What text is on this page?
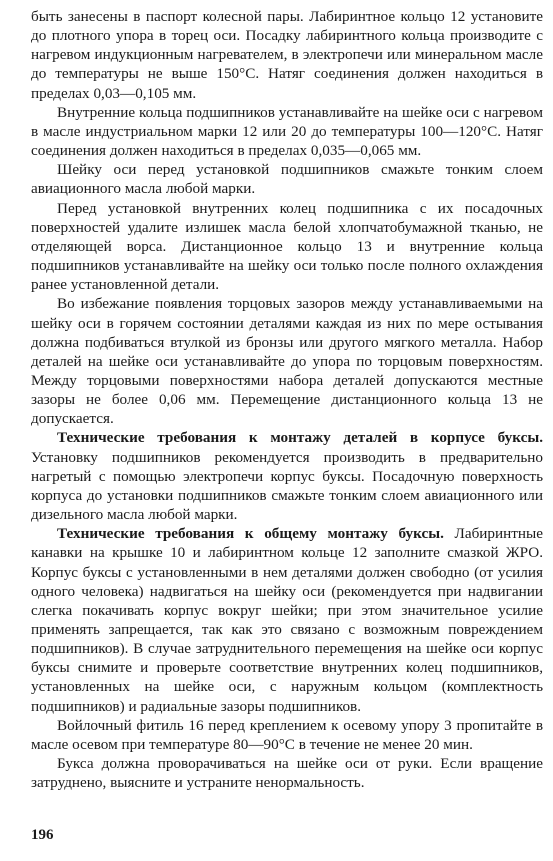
быть занесены в паспорт колесной пары. Лабиринтное кольцо 12 установите до плотного упора в торец оси. Посадку лабиринтного кольца производите с нагревом индукционным нагревателем, в электропечи или минеральном масле до температуры не выше 150°С. Натяг соединения должен находиться в пределах 0,03—0,105 мм.

Внутренние кольца подшипников устанавливайте на шейке оси с нагревом в масле индустриальном марки 12 или 20 до температуры 100—120°С. Натяг соединения должен находиться в пределах 0,035—0,065 мм.

Шейку оси перед установкой подшипников смажьте тонким слоем авиационного масла любой марки.

Перед установкой внутренних колец подшипника с их посадочных поверхностей удалите излишек масла белой хлопчатобумажной тканью, не отделяющей ворса. Дистанционное кольцо 13 и внутренние кольца подшипников устанавливайте на шейку оси только после полного охлаждения ранее установленной детали.

Во избежание появления торцовых зазоров между устанавливаемыми на шейку оси в горячем состоянии деталями каждая из них по мере остывания должна подбиваться втулкой из бронзы или другого мягкого металла. Набор деталей на шейке оси устанавливайте до упора по торцовым поверхностям. Между торцовыми поверхностями набора деталей допускаются местные зазоры не более 0,06 мм. Перемещение дистанционного кольца 13 не допускается.

Технические требования к монтажу деталей в корпусе буксы. Установку подшипников рекомендуется производить в предварительно нагретый с помощью электропечи корпус буксы. Посадочную поверхность корпуса до установки подшипников смажьте тонким слоем авиационного или дизельного масла любой марки.

Технические требования к общему монтажу буксы. Лабиринтные канавки на крышке 10 и лабиринтном кольце 12 заполните смазкой ЖРО. Корпус буксы с установленными в нем деталями должен свободно (от усилия одного человека) надвигаться на шейку оси (рекомендуется при надвигании слегка покачивать корпус вокруг шейки; при этом значительное усилие применять запрещается, так как это связано с возможным повреждением подшипников). В случае затруднительного перемещения на шейке оси корпус буксы снимите и проверьте соответствие внутренних колец подшипников, установленных на шейке оси, с наружным кольцом (комплектность подшипников) и радиальные зазоры подшипников.

Войлочный фитиль 16 перед креплением к осевому упору 3 пропитайте в масле осевом при температуре 80—90°С в течение не менее 20 мин.

Букса должна проворачиваться на шейке оси от руки. Если вращение затруднено, выясните и устраните ненормальность.

196
